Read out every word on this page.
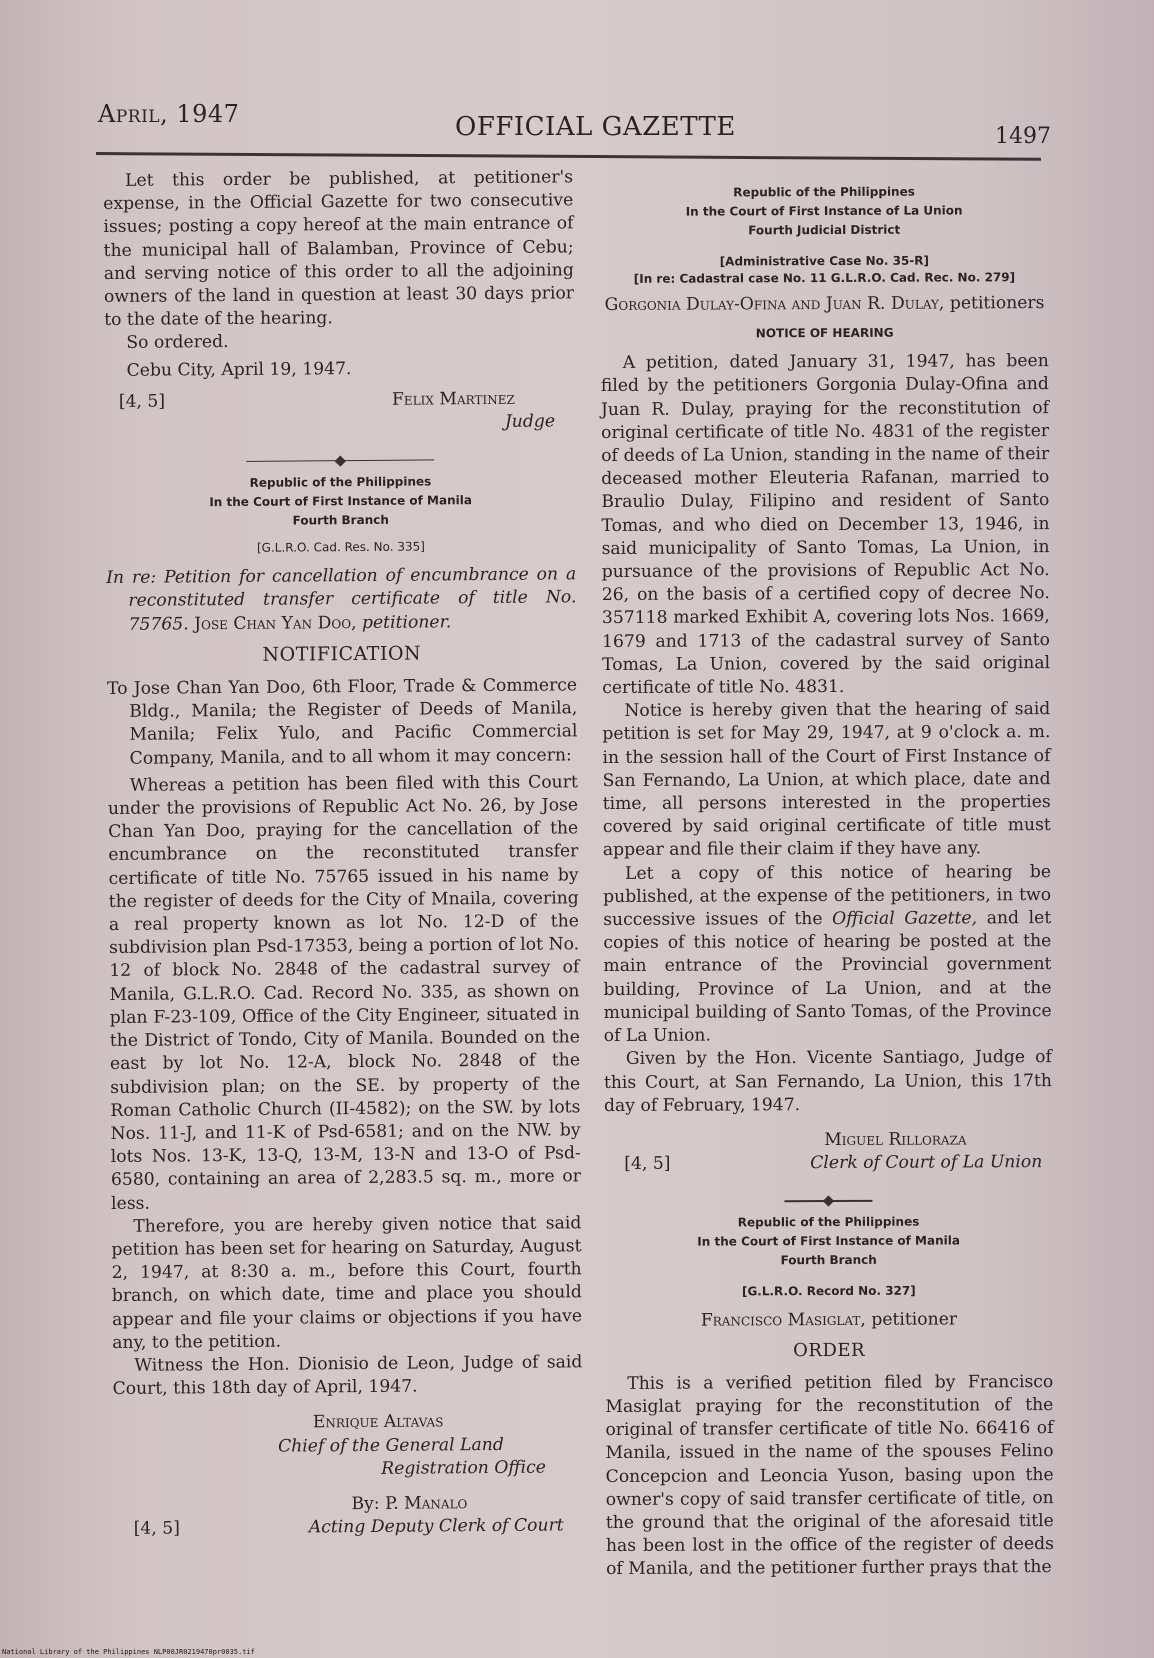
April, 1947	OFFICIAL GAZETTE	1497

Let this order be published, at petitioner's expense, in the Official Gazette for two consecutive issues; posting a copy hereof at the main entrance of the municipal hall of Balamban, Province of Cebu; and serving notice of this order to all the adjoining owners of the land in question at least 30 days prior to the date of the hearing.

So ordered.

Cebu City, April 19, 1947.

[4, 5]	Felix Martinez
Judge
Republic of the Philippines
In the Court of First Instance of Manila
Fourth Branch
[G.L.R.O. Cad. Res. No. 335]

In re: Petition for cancellation of encumbrance on a reconstituted transfer certificate of title No. 75765. Jose Chan Yan Doo, petitioner.

NOTIFICATION

To Jose Chan Yan Doo, 6th Floor, Trade & Commerce Bldg., Manila; the Register of Deeds of Manila, Manila; Felix Yulo, and Pacific Commercial Company, Manila, and to all whom it may concern:

Whereas a petition has been filed with this Court under the provisions of Republic Act No. 26, by Jose Chan Yan Doo, praying for the cancellation of the encumbrance on the reconstituted transfer certificate of title No. 75765 issued in his name by the register of deeds for the City of Mnaila, covering a real property known as lot No. 12-D of the subdivision plan Psd-17353, being a portion of lot No. 12 of block No. 2848 of the cadastral survey of Manila, G.L.R.O. Cad. Record No. 335, as shown on plan F-23-109, Office of the City Engineer, situated in the District of Tondo, City of Manila. Bounded on the east by lot No. 12-A, block No. 2848 of the subdivision plan; on the SE. by property of the Roman Catholic Church (II-4582); on the SW. by lots Nos. 11-J, and 11-K of Psd-6581; and on the NW. by lots Nos. 13-K, 13-Q, 13-M, 13-N and 13-O of Psd-6580, containing an area of 2,283.5 sq. m., more or less.

Therefore, you are hereby given notice that said petition has been set for hearing on Saturday, August 2, 1947, at 8:30 a. m., before this Court, fourth branch, on which date, time and place you should appear and file your claims or objections if you have any, to the petition.

Witness the Hon. Dionisio de Leon, Judge of said Court, this 18th day of April, 1947.

Enrique Altavas
Chief of the General Land
Registration Office
By: P. Manalo
[4, 5]	Acting Deputy Clerk of Court
Republic of the Philippines
In the Court of First Instance of La Union
Fourth Judicial District
[Administrative Case No. 35-R]
[In re: Cadastral case No. 11 G.L.R.O. Cad. Rec. No. 279]

Gorgonia Dulay-Ofina and Juan R. Dulay, petitioners

NOTICE OF HEARING

A petition, dated January 31, 1947, has been filed by the petitioners Gorgonia Dulay-Ofina and Juan R. Dulay, praying for the reconstitution of original certificate of title No. 4831 of the register of deeds of La Union, standing in the name of their deceased mother Eleuteria Rafanan, married to Braulio Dulay, Filipino and resident of Santo Tomas, and who died on December 13, 1946, in said municipality of Santo Tomas, La Union, in pursuance of the provisions of Republic Act No. 26, on the basis of a certified copy of decree No. 357118 marked Exhibit A, covering lots Nos. 1669, 1679 and 1713 of the cadastral survey of Santo Tomas, La Union, covered by the said original certificate of title No. 4831.

Notice is hereby given that the hearing of said petition is set for May 29, 1947, at 9 o'clock a. m. in the session hall of the Court of First Instance of San Fernando, La Union, at which place, date and time, all persons interested in the properties covered by said original certificate of title must appear and file their claim if they have any.

Let a copy of this notice of hearing be published, at the expense of the petitioners, in two successive issues of the Official Gazette, and let copies of this notice of hearing be posted at the main entrance of the Provincial government building, Province of La Union, and at the municipal building of Santo Tomas, of the Province of La Union.

Given by the Hon. Vicente Santiago, Judge of this Court, at San Fernando, La Union, this 17th day of February, 1947.

Miguel Rilloraza
[4, 5]	Clerk of Court of La Union
Republic of the Philippines
In the Court of First Instance of Manila
Fourth Branch
[G.L.R.O. Record No. 327]

Francisco Masiglat, petitioner

ORDER

This is a verified petition filed by Francisco Masiglat praying for the reconstitution of the original of transfer certificate of title No. 66416 of Manila, issued in the name of the spouses Felino Concepcion and Leoncia Yuson, basing upon the owner's copy of said transfer certificate of title, on the ground that the original of the aforesaid title has been lost in the office of the register of deeds of Manila, and the petitioner further prays that the

National Library of the Philippines NLP00JR0219470pr0035.tif
